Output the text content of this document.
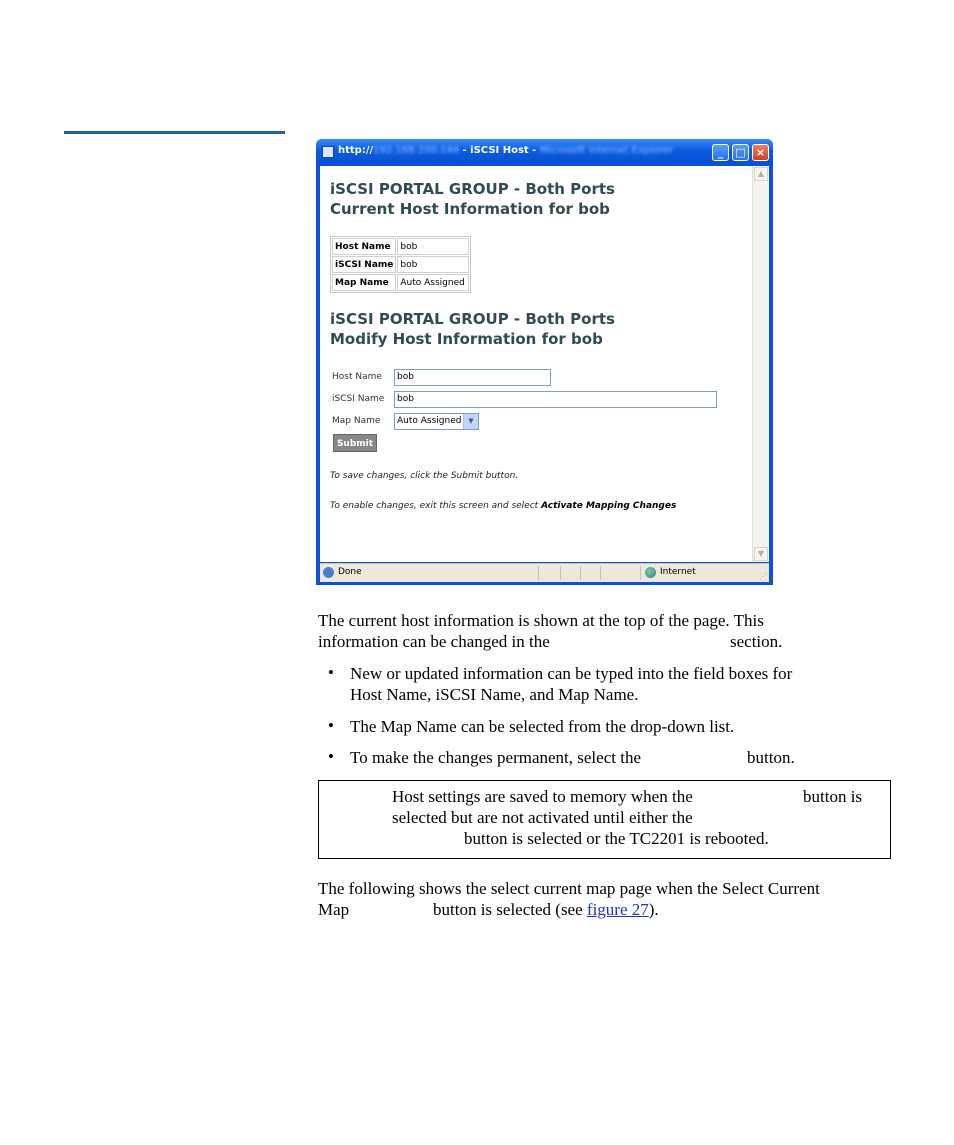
http://192.168.100.144 - iSCSI Host - Microsoft Internet Explorer	_	□ ×
iSCSI PORTAL GROUP - Both Ports
Current Host Information for bob
Host Name	bob
iSCSI Name	bob
Map Name	Auto Assigned
iSCSI PORTAL GROUP - Both Ports
Modify Host Information for bob
Host Name	bob
iSCSI Name	bob
Map Name	Auto Assigned ▼
Submit
To save changes, click the Submit button.
To enable changes, exit this screen and select Activate Mapping Changes
▲
▼
Done	Internet	⋰
The current host information is shown at the top of the page. This
information can be changed in the	section.
• New or updated information can be typed into the field boxes for
Host Name, iSCSI Name, and Map Name.
• The Map Name can be selected from the drop-down list.
• To make the changes permanent, select the	button.
Host settings are saved to memory when the	button is
selected but are not activated until either the
button is selected or the TC2201 is rebooted.
The following shows the select current map page when the Select Current
Map	button is selected (see figure 27).
